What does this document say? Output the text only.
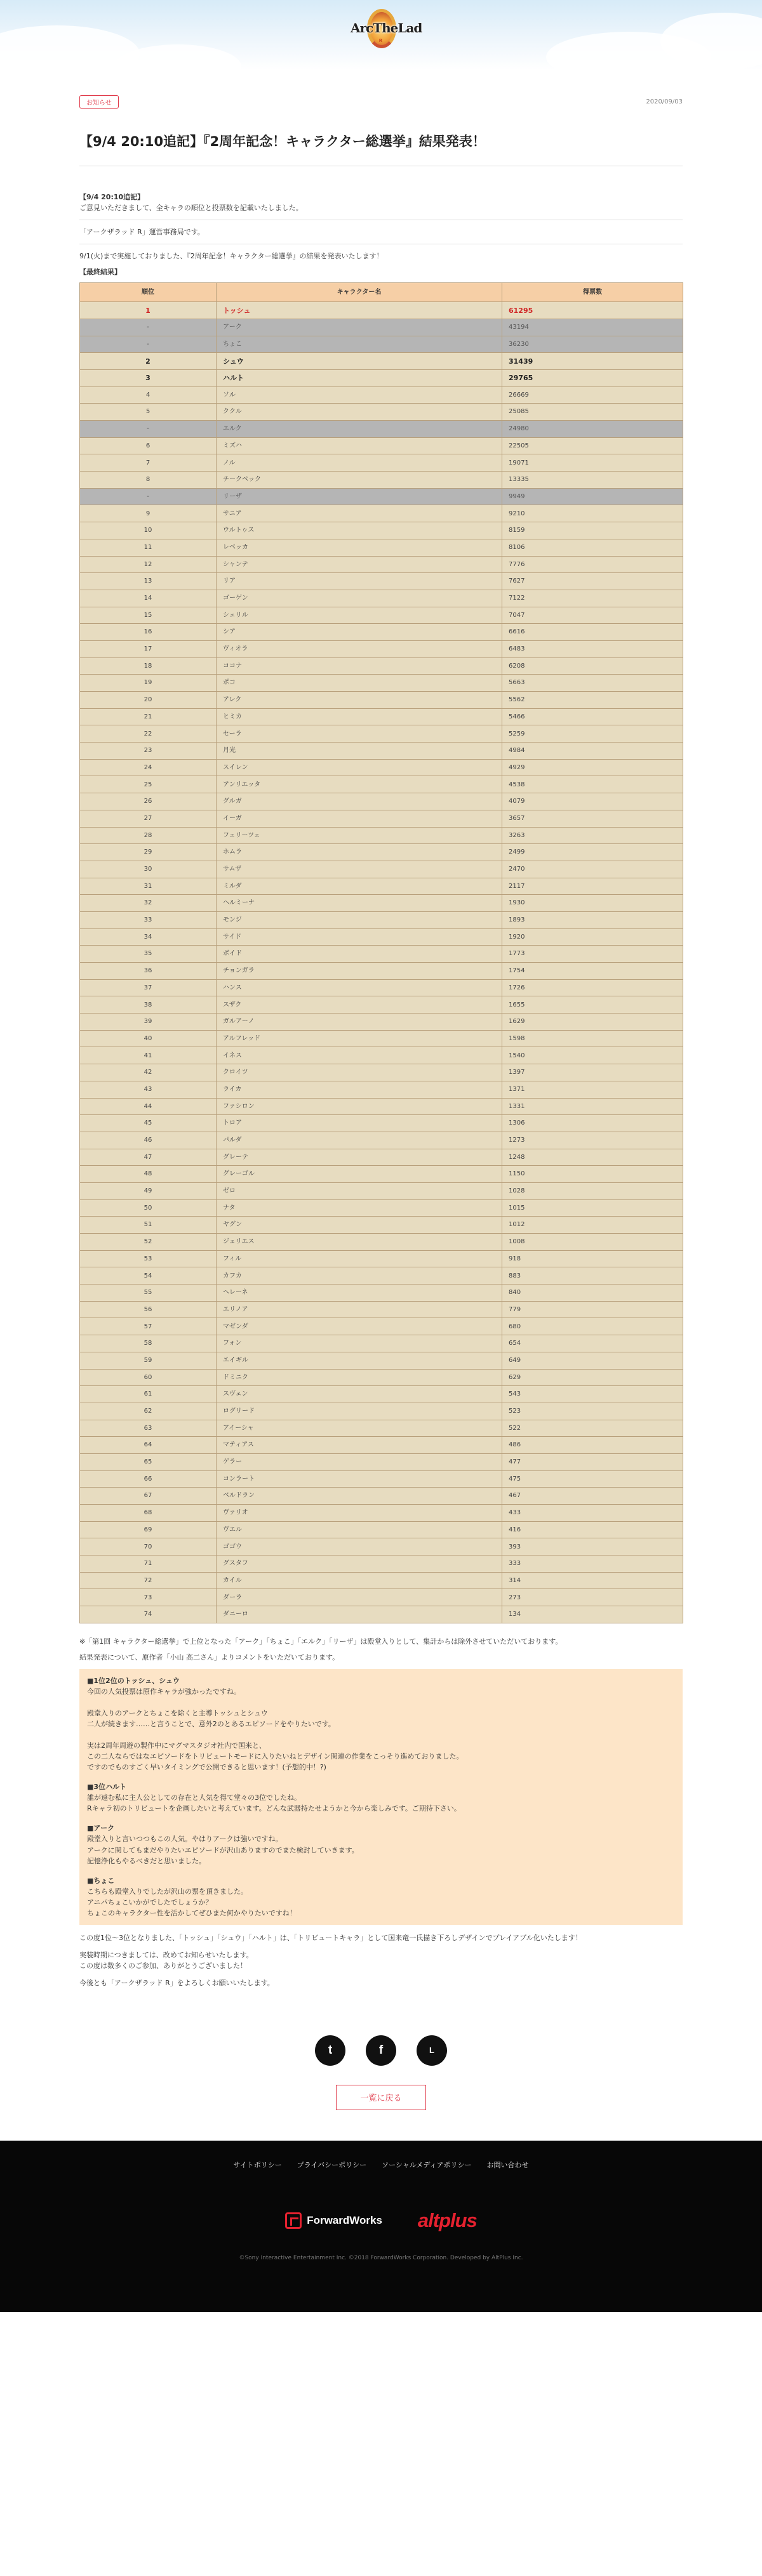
ArcTheLad
R
お知らせ	2020/09/03
【9/4 20:10追記】『2周年記念！キャラクター総選挙』結果発表！

【9/4 20:10追記】
ご意見いただきまして、全キャラの順位と投票数を記載いたしました。

「アークザラッド R」運営事務局です。

9/1(火)まで実施しておりました、『2周年記念！キャラクター総選挙』の結果を発表いたします！

【最終結果】

順位	キャラクター名	得票数
1	トッシュ	61295
-	アーク	43194
-	ちょこ	36230
2	シュウ	31439
3	ハルト	29765
4	ソル	26669
5	ククル	25085
-	エルク	24980
6	ミズハ	22505
7	ノル	19071
8	チークペック	13335
-	リーザ	9949
9	サニア	9210
10	ウルトゥス	8159
11	レベッカ	8106
12	シャンテ	7776
13	リア	7627
14	ゴーゲン	7122
15	シェリル	7047
16	シア	6616
17	ヴィオラ	6483
18	ココナ	6208
19	ポコ	5663
20	アレク	5562
21	ヒミカ	5466
22	セーラ	5259
23	月光	4984
24	スイレン	4929
25	アンリエッタ	4538
26	グルガ	4079
27	イーガ	3657
28	フェリーツェ	3263
29	ホムラ	2499
30	サムザ	2470
31	ミルダ	2117
32	ヘルミーナ	1930
33	モンジ	1893
34	サイド	1920
35	ボイド	1773
36	チョンガラ	1754
37	ハンス	1726
38	スザク	1655
39	ガルアーノ	1629
40	アルフレッド	1598
41	イネス	1540
42	クロイツ	1397
43	ライカ	1371
44	ファシロン	1331
45	トロア	1306
46	パルダ	1273
47	グレーテ	1248
48	グレーゴル	1150
49	ゼロ	1028
50	ナタ	1015
51	ヤグン	1012
52	ジュリエス	1008
53	フィル	918
54	カフカ	883
55	ヘレーネ	840
56	エリノア	779
57	マゼンダ	680
58	フォン	654
59	エイギル	649
60	ドミニク	629
61	スヴェン	543
62	ログリード	523
63	アイーシャ	522
64	マティアス	486
65	ゲラー	477
66	コンラート	475
67	ベルドラン	467
68	ヴァリオ	433
69	ヴエル	416
70	ゴゴウ	393
71	グスタフ	333
72	カイル	314
73	ダーラ	273
74	ダニーロ	134

※「第1回 キャラクター総選挙」で上位となった「アーク」「ちょこ」「エルク」「リーザ」は殿堂入りとして、集計からは除外させていただいております。

結果発表について、原作者「小山 高二さん」よりコメントをいただいております。

■1位2位のトッシュ、シュウ
今回の人気投票は原作キャラが強かったですね。
殿堂入りのアークとちょこを除くと主導トッシュとシュウ
二人が続きます……と言うことで、意外2のとあるエピソードをやりたいです。
実は2周年周遊の製作中にマグマスタジオ社内で国来と、
この二人ならではなエピソードをトリビュートモードに入りたいねとデザイン関連の作業をこっそり進めておりました。
ですのでものすごく早いタイミングで公開できると思います！(予想的中！?)
■3位ハルト
誰が遠む私に主人公としての存在と人気を得て堂々の3位でしたね。
Rキャラ初のトリビュートを企画したいと考えています。どんな武器持たせようかと今から楽しみです。ご期待下さい。
■アーク
殿堂入りと言いつつもこの人気。やはりアークは強いですね。
アークに関してもまだやりたいエピソードが沢山ありますのでまた検討していきます。
記憶浄化もやるべきだと思いました。
■ちょこ
こちらも殿堂入りでしたが沢山の票を頂きました。
アニパちょこいかがでしたでしょうか？
ちょこのキャラクター性を活かしてぜひまた何かやりたいですね！

この度1位〜3位となりました、「トッシュ」「シュウ」「ハルト」は、「トリビュートキャラ」として国来竜一氏描き下ろしデザインでプレイアブル化いたします！

実装時期につきましては、改めてお知らせいたします。
この度は数多くのご参加、ありがとうございました！

今後とも「アークザラッド R」をよろしくお願いいたします。

t	f	L
一覧に戻る
サイトポリシー プライバシーポリシー ソーシャルメディアポリシー お問い合わせ
ForwardWorks altplus
©Sony Interactive Entertainment Inc. ©2018 ForwardWorks Corporation. Developed by AltPlus Inc.
